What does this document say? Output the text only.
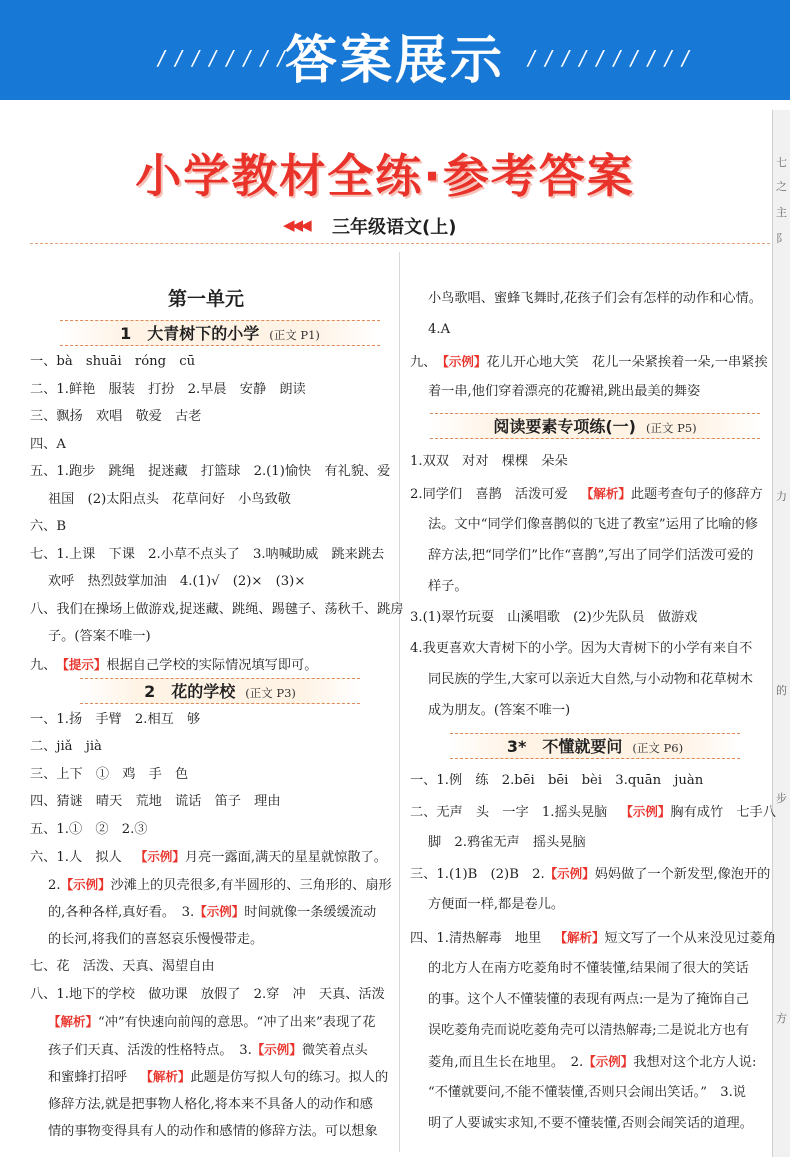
/ / / / / / / / / /
答案展示	/ / / / / / / / / /
七
之
主
阝
力
的
步
方
小学教材全练·参考答案
◀◀◀ 三年级语文(上)
第一单元
1　大青树下的小学 (正文 P1)
一、bà　shuāi　róng　cū
二、1.鲜艳　服装　打扮　2.早晨　安静　朗读
三、飘扬　欢唱　敬爱　古老
四、A
五、1.跑步　跳绳　捉迷藏　打篮球　2.(1)愉快　有礼貌、爱
祖国　(2)太阳点头　花草问好　小鸟致敬
六、B
七、1.上课　下课　2.小草不点头了　3.呐喊助威　跳来跳去
欢呼　热烈鼓掌加油　4.(1)√　(2)×　(3)×
八、我们在操场上做游戏,捉迷藏、跳绳、踢毽子、荡秋千、跳房
子。(答案不唯一)
九、【提示】根据自己学校的实际情况填写即可。
2　花的学校 (正文 P3)
一、1.扬　手臂　2.相互　够
二、jiǎ　jià
三、上下　①　鸡　手　色
四、猜谜　晴天　荒地　谎话　笛子　理由
五、1.①　②　2.③
六、1.人　拟人　【示例】月亮一露面,满天的星星就惊散了。
2.【示例】沙滩上的贝壳很多,有半圆形的、三角形的、扇形
的,各种各样,真好看。　3.【示例】时间就像一条缓缓流动
的长河,将我们的喜怒哀乐慢慢带走。
七、花　活泼、天真、渴望自由
八、1.地下的学校　做功课　放假了　2.穿　冲　天真、活泼
【解析】“冲”有快速向前闯的意思。“冲了出来”表现了花
孩子们天真、活泼的性格特点。　3.【示例】微笑着点头
和蜜蜂打招呼　【解析】此题是仿写拟人句的练习。拟人的
修辞方法,就是把事物人格化,将本来不具备人的动作和感
情的事物变得具有人的动作和感情的修辞方法。可以想象
小鸟歌唱、蜜蜂飞舞时,花孩子们会有怎样的动作和心情。
4.A
九、【示例】花儿开心地大笑　花儿一朵紧挨着一朵,一串紧挨
着一串,他们穿着漂亮的花瓣裙,跳出最美的舞姿
阅读要素专项练(一) (正文 P5)
1.双双　对对　棵棵　朵朵
2.同学们　喜鹊　活泼可爱　【解析】此题考查句子的修辞方
法。文中“同学们像喜鹊似的飞进了教室”运用了比喻的修
辞方法,把“同学们”比作“喜鹊”,写出了同学们活泼可爱的
样子。
3.(1)翠竹玩耍　山溪唱歌　(2)少先队员　做游戏
4.我更喜欢大青树下的小学。因为大青树下的小学有来自不
同民族的学生,大家可以亲近大自然,与小动物和花草树木
成为朋友。(答案不唯一)
3*　不懂就要问 (正文 P6)
一、1.例　练　2.bēi　bēi　bèi　3.quān　juàn
二、无声　头　一字　1.摇头晃脑　【示例】胸有成竹　七手八
脚　2.鸦雀无声　摇头晃脑
三、1.(1)B　(2)B　2.【示例】妈妈做了一个新发型,像泡开的
方便面一样,都是卷儿。
四、1.清热解毒　地里　【解析】短文写了一个从来没见过菱角
的北方人在南方吃菱角时不懂装懂,结果闹了很大的笑话
的事。这个人不懂装懂的表现有两点:一是为了掩饰自己
误吃菱角壳而说吃菱角壳可以清热解毒;二是说北方也有
菱角,而且生长在地里。　2.【示例】我想对这个北方人说:
“不懂就要问,不能不懂装懂,否则只会闹出笑话。”　3.说
明了人要诚实求知,不要不懂装懂,否则会闹笑话的道理。
